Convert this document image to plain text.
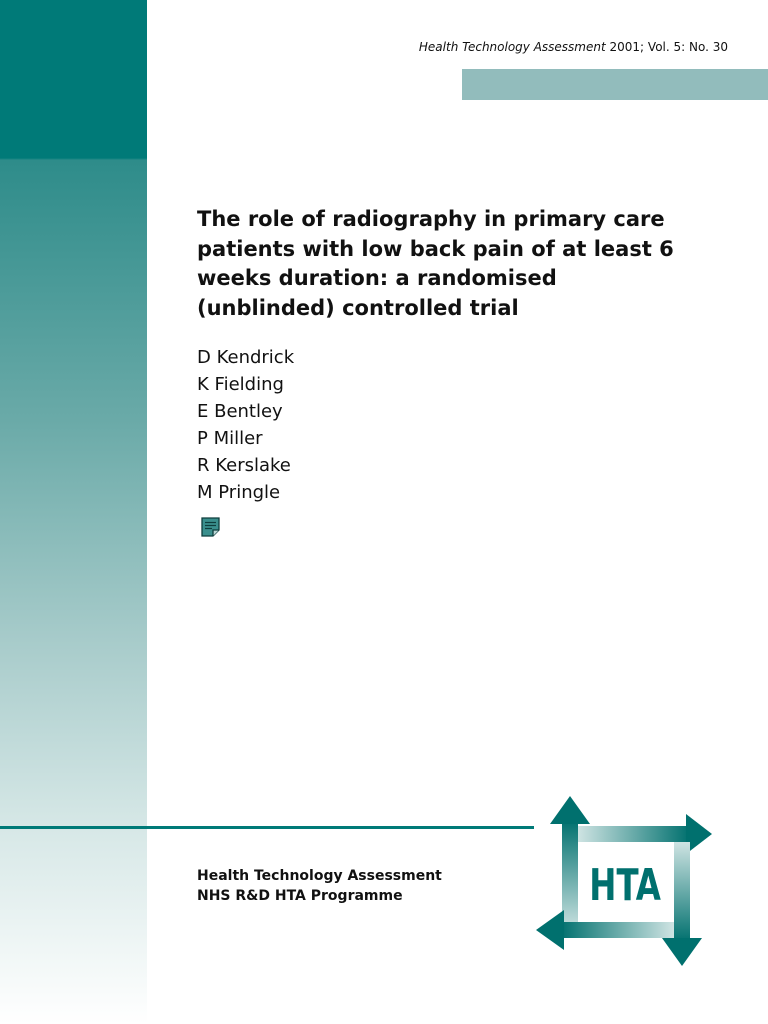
Health Technology Assessment 2001; Vol. 5: No. 30
The role of radiography in primary care patients with low back pain of at least 6 weeks duration: a randomised (unblinded) controlled trial
D Kendrick
K Fielding
E Bentley
P Miller
R Kerslake
M Pringle
Health Technology Assessment
NHS R&D HTA Programme	HTA
